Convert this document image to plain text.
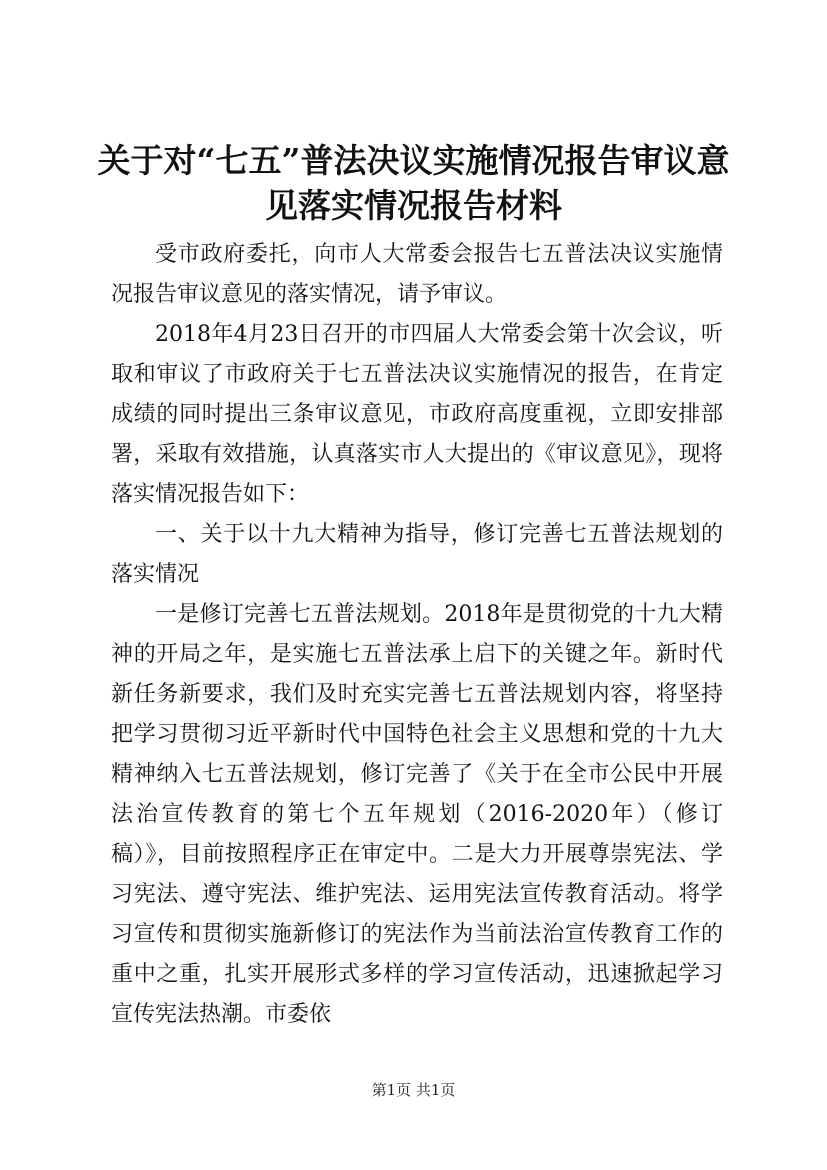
关于对“七五”普法决议实施情况报告审议意
见落实情况报告材料

受市政府委托，向市人大常委会报告七五普法决议实施情况报告审议意见的落实情况，请予审议。

2018年4月23日召开的市四届人大常委会第十次会议，听取和审议了市政府关于七五普法决议实施情况的报告，在肯定成绩的同时提出三条审议意见，市政府高度重视，立即安排部署，采取有效措施，认真落实市人大提出的《审议意见》，现将落实情况报告如下：

一、关于以十九大精神为指导，修订完善七五普法规划的落实情况

一是修订完善七五普法规划。2018年是贯彻党的十九大精神的开局之年，是实施七五普法承上启下的关键之年。新时代新任务新要求，我们及时充实完善七五普法规划内容，将坚持把学习贯彻习近平新时代中国特色社会主义思想和党的十九大精神纳入七五普法规划，修订完善了《关于在全市公民中开展法治宣传教育的第七个五年规划（2016-2020年）（修订稿）》，目前按照程序正在审定中。二是大力开展尊崇宪法、学习宪法、遵守宪法、维护宪法、运用宪法宣传教育活动。将学习宣传和贯彻实施新修订的宪法作为当前法治宣传教育工作的重中之重，扎实开展形式多样的学习宣传活动，迅速掀起学习宣传宪法热潮。市委依

第1页 共1页
